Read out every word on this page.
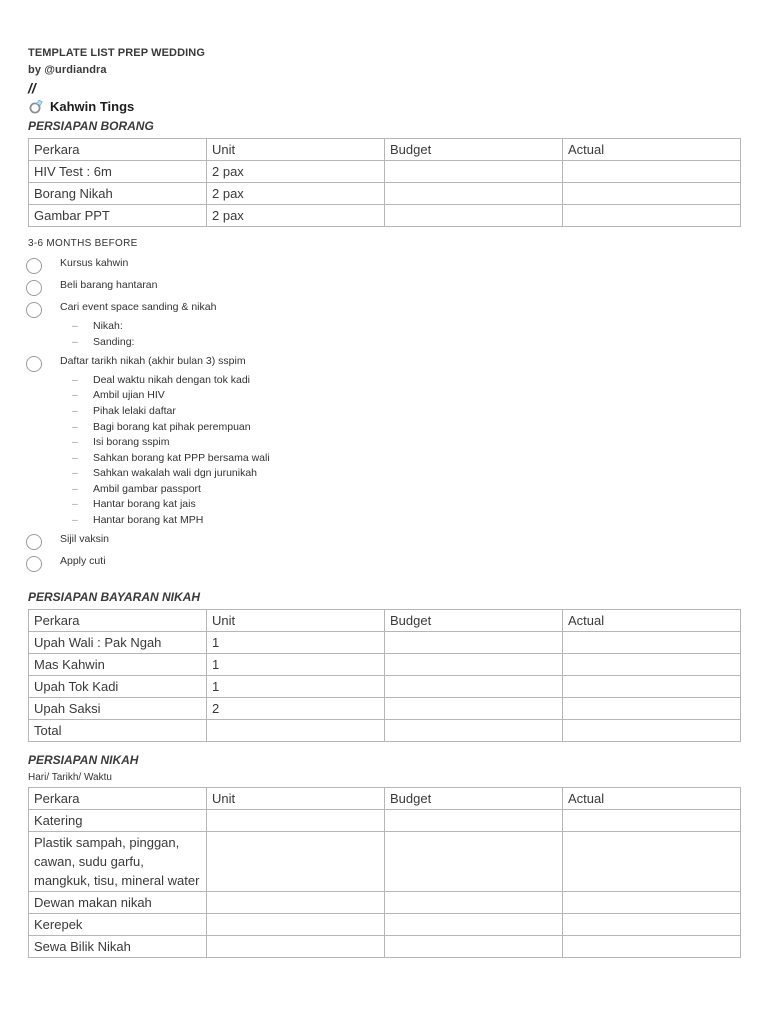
TEMPLATE LIST PREP WEDDING
by @urdiandra
//
Kahwin Tings
PERSIAPAN BORANG
Perkara	Unit	Budget	Actual
HIV Test : 6m	2 pax		
Borang Nikah	2 pax		
Gambar PPT	2 pax		
3-6 MONTHS BEFORE
Kursus kahwin
Beli barang hantaran
Cari event space sanding & nikah
– Nikah:
– Sanding:
Daftar tarikh nikah (akhir bulan 3) sspim
– Deal waktu nikah dengan tok kadi
– Ambil ujian HIV
– Pihak lelaki daftar
– Bagi borang kat pihak perempuan
– Isi borang sspim
– Sahkan borang kat PPP bersama wali
– Sahkan wakalah wali dgn jurunikah
– Ambil gambar passport
– Hantar borang kat jais
– Hantar borang kat MPH
Sijil vaksin
Apply cuti
PERSIAPAN BAYARAN NIKAH
Perkara	Unit	Budget	Actual
Upah Wali : Pak Ngah	1		
Mas Kahwin	1		
Upah Tok Kadi	1		
Upah Saksi	2		
Total			
PERSIAPAN NIKAH
Hari/ Tarikh/ Waktu
Perkara	Unit	Budget	Actual
Katering			
Plastik sampah, pinggan, cawan, sudu garfu, mangkuk, tisu, mineral water			
Dewan makan nikah			
Kerepek			
Sewa Bilik Nikah			
